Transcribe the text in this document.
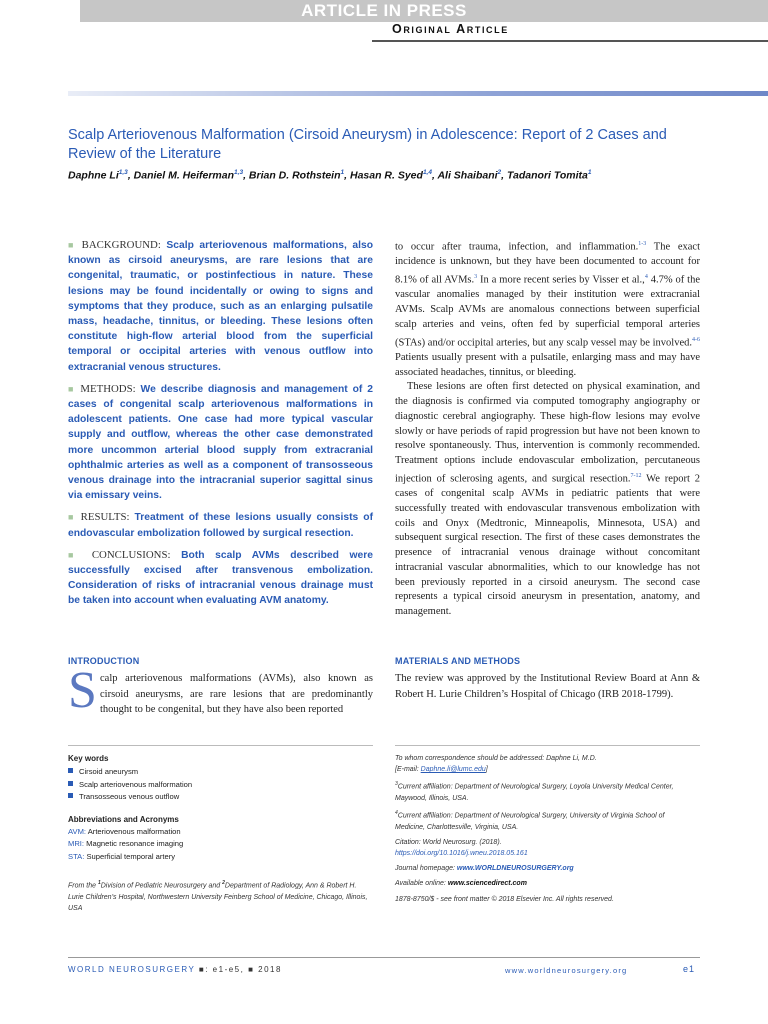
ARTICLE IN PRESS
Original Article
Scalp Arteriovenous Malformation (Cirsoid Aneurysm) in Adolescence: Report of 2 Cases and Review of the Literature
Daphne Li$^{1,3}$, Daniel M. Heiferman$^{1,3}$, Brian D. Rothstein$^1$, Hasan R. Syed$^{1,4}$, Ali Shaibani$^2$, Tadanori Tomita$^1$

■ BACKGROUND: Scalp arteriovenous malformations, also known as cirsoid aneurysms, are rare lesions that are congenital, traumatic, or postinfectious in nature. These lesions may be found incidentally or owing to signs and symptoms that they produce, such as an enlarging pulsatile mass, headache, tinnitus, or bleeding. These lesions often constitute high-flow arterial blood from the superficial temporal or occipital arteries with venous outflow into extracranial venous structures.

■ METHODS: We describe diagnosis and management of 2 cases of congenital scalp arteriovenous malformations in adolescent patients. One case had more typical vascular supply and outflow, whereas the other case demonstrated more uncommon arterial blood supply from extracranial ophthalmic arteries as well as a component of transosseous venous drainage into the intracranial superior sagittal sinus via emissary veins.

■ RESULTS: Treatment of these lesions usually consists of endovascular embolization followed by surgical resection.

■ CONCLUSIONS: Both scalp AVMs described were successfully excised after transvenous embolization. Consideration of risks of intracranial venous drainage must be taken into account when evaluating AVM anatomy.

to occur after trauma, infection, and inflammation.$^{1-3}$ The exact incidence is unknown, but they have been documented to account for 8.1% of all AVMs.$^3$ In a more recent series by Visser et al.,$^4$ 4.7% of the vascular anomalies managed by their institution were extracranial AVMs. Scalp AVMs are anomalous connections between superficial scalp arteries and veins, often fed by superficial temporal arteries (STAs) and/or occipital arteries, but any scalp vessel may be involved.$^{4-6}$ Patients usually present with a pulsatile, enlarging mass and may have associated headaches, tinnitus, or bleeding.

These lesions are often first detected on physical examination, and the diagnosis is confirmed via computed tomography angiography or diagnostic cerebral angiography. These high-flow lesions may evolve slowly or have periods of rapid progression but have not been known to resolve spontaneously. Thus, intervention is commonly recommended. Treatment options include endovascular embolization, percutaneous injection of sclerosing agents, and surgical resection.$^{7-12}$ We report 2 cases of congenital scalp AVMs in pediatric patients that were successfully treated with endovascular transvenous embolization with coils and Onyx (Medtronic, Minneapolis, Minnesota, USA) and subsequent surgical resection. The first of these cases demonstrates the presence of intracranial venous drainage without concomitant intracranial vascular abnormalities, which to our knowledge has not been previously reported in a cirsoid aneurysm. The second case represents a typical cirsoid aneurysm in presentation, anatomy, and management.

INTRODUCTION
S calp arteriovenous malformations (AVMs), also known as cirsoid aneurysms, are rare lesions that are predominantly thought to be congenital, but they have also been reported
MATERIALS AND METHODS
The review was approved by the Institutional Review Board at Ann & Robert H. Lurie Children’s Hospital of Chicago (IRB 2018-1799).
Key words
Cirsoid aneurysm
Scalp arteriovenous malformation
Transosseous venous outflow
Abbreviations and Acronyms
AVM: Arteriovenous malformation
MRI: Magnetic resonance imaging
STA: Superficial temporal artery
From the $^1$Division of Pediatric Neurosurgery and $^2$Department of Radiology, Ann & Robert H. Lurie Children’s Hospital, Northwestern University Feinberg School of Medicine, Chicago, Illinois, USA
To whom correspondence should be addressed: Daphne Li, M.D.
[E-mail: Daphne.li@lumc.edu]
$^3$Current affiliation: Department of Neurological Surgery, Loyola University Medical Center, Maywood, Illinois, USA.
$^4$Current affiliation: Department of Neurological Surgery, University of Virginia School of Medicine, Charlottesville, Virginia, USA.
Citation: World Neurosurg. (2018).
https://doi.org/10.1016/j.wneu.2018.05.161
Journal homepage: www.WORLDNEUROSURGERY.org
Available online: www.sciencedirect.com
1878-8750/$ - see front matter © 2018 Elsevier Inc. All rights reserved.
WORLD NEUROSURGERY ■: e1-e5, ■ 2018	www.worldneurosurgery.org	e1
